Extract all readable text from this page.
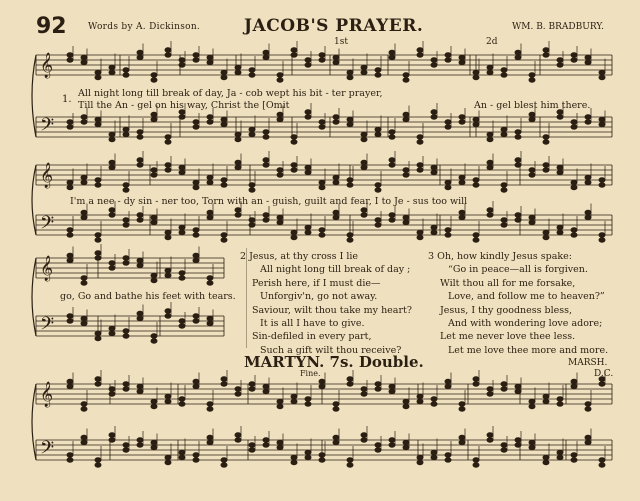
𝄞
𝄢
𝄞
𝄢
𝄞
𝄢
𝄞
𝄢
92 Words by A. Dickinson.	JACOB'S PRAYER.	WM. B. BRADBURY.
1st	2d
1.
All night long till break of day, Ja - cob wept his bit - ter prayer,
Till the An - gel on his way, Christ the [Omit	An - gel blest him there.
I'm a nee - dy sin - ner too, Torn with an - guish, guilt and fear, I to Je - sus too will
go, Go and bathe his feet with tears.
2 Jesus, at thy cross I lie
All night long till break of day ;
Perish here, if I must die—
Unforgiv'n, go not away.
Saviour, wilt thou take my heart?
It is all I have to give.
Sin-defiled in every part,
Such a gift wilt thou receive?
3 Oh, how kindly Jesus spake:
“Go in peace—all is forgiven.
Wilt thou all for me forsake,
Love, and follow me to heaven?”
Jesus, I thy goodness bless,
And with wondering love adore;
Let me never love thee less.
Let me love thee more and more.
MARTYN. 7s. Double.	MARSH.
Fine.	D.C.
